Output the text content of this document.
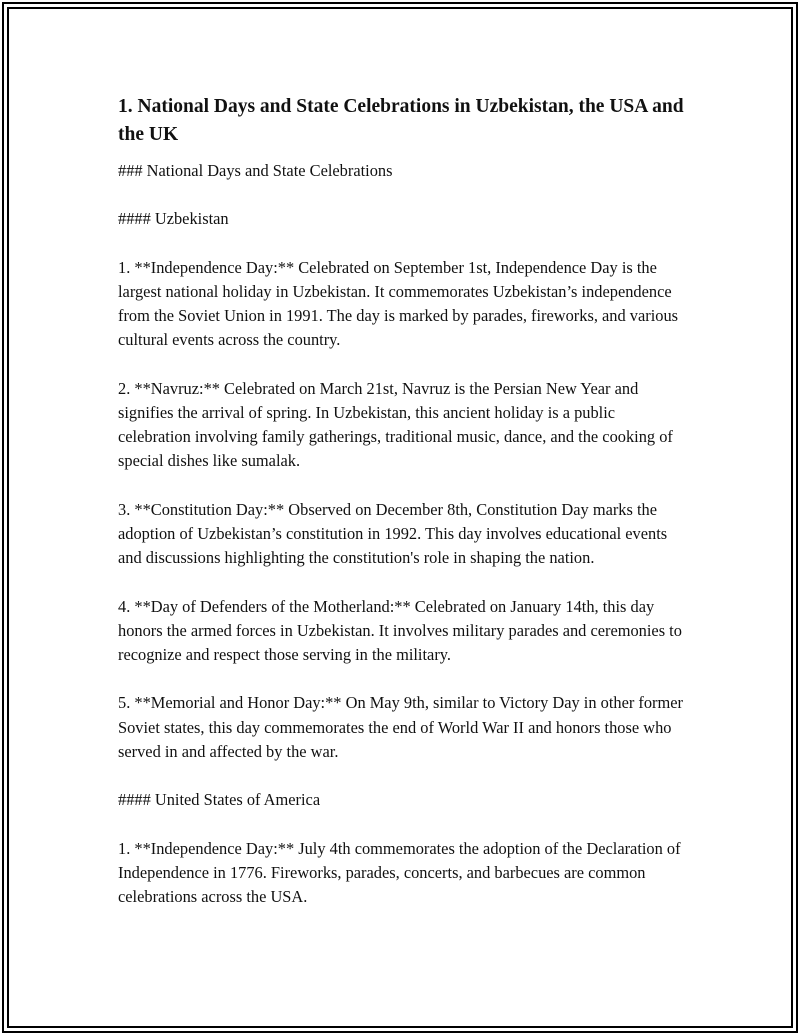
1. National Days and State Celebrations in Uzbekistan, the USA and the UK

### National Days and State Celebrations

#### Uzbekistan

1. **Independence Day:** Celebrated on September 1st, Independence Day is the largest national holiday in Uzbekistan. It commemorates Uzbekistan’s independence from the Soviet Union in 1991. The day is marked by parades, fireworks, and various cultural events across the country.

2. **Navruz:** Celebrated on March 21st, Navruz is the Persian New Year and signifies the arrival of spring. In Uzbekistan, this ancient holiday is a public celebration involving family gatherings, traditional music, dance, and the cooking of special dishes like sumalak.

3. **Constitution Day:** Observed on December 8th, Constitution Day marks the adoption of Uzbekistan’s constitution in 1992. This day involves educational events and discussions highlighting the constitution's role in shaping the nation.

4. **Day of Defenders of the Motherland:** Celebrated on January 14th, this day honors the armed forces in Uzbekistan. It involves military parades and ceremonies to recognize and respect those serving in the military.

5. **Memorial and Honor Day:** On May 9th, similar to Victory Day in other former Soviet states, this day commemorates the end of World War II and honors those who served in and affected by the war.

#### United States of America

1. **Independence Day:** July 4th commemorates the adoption of the Declaration of Independence in 1776. Fireworks, parades, concerts, and barbecues are common celebrations across the USA.
